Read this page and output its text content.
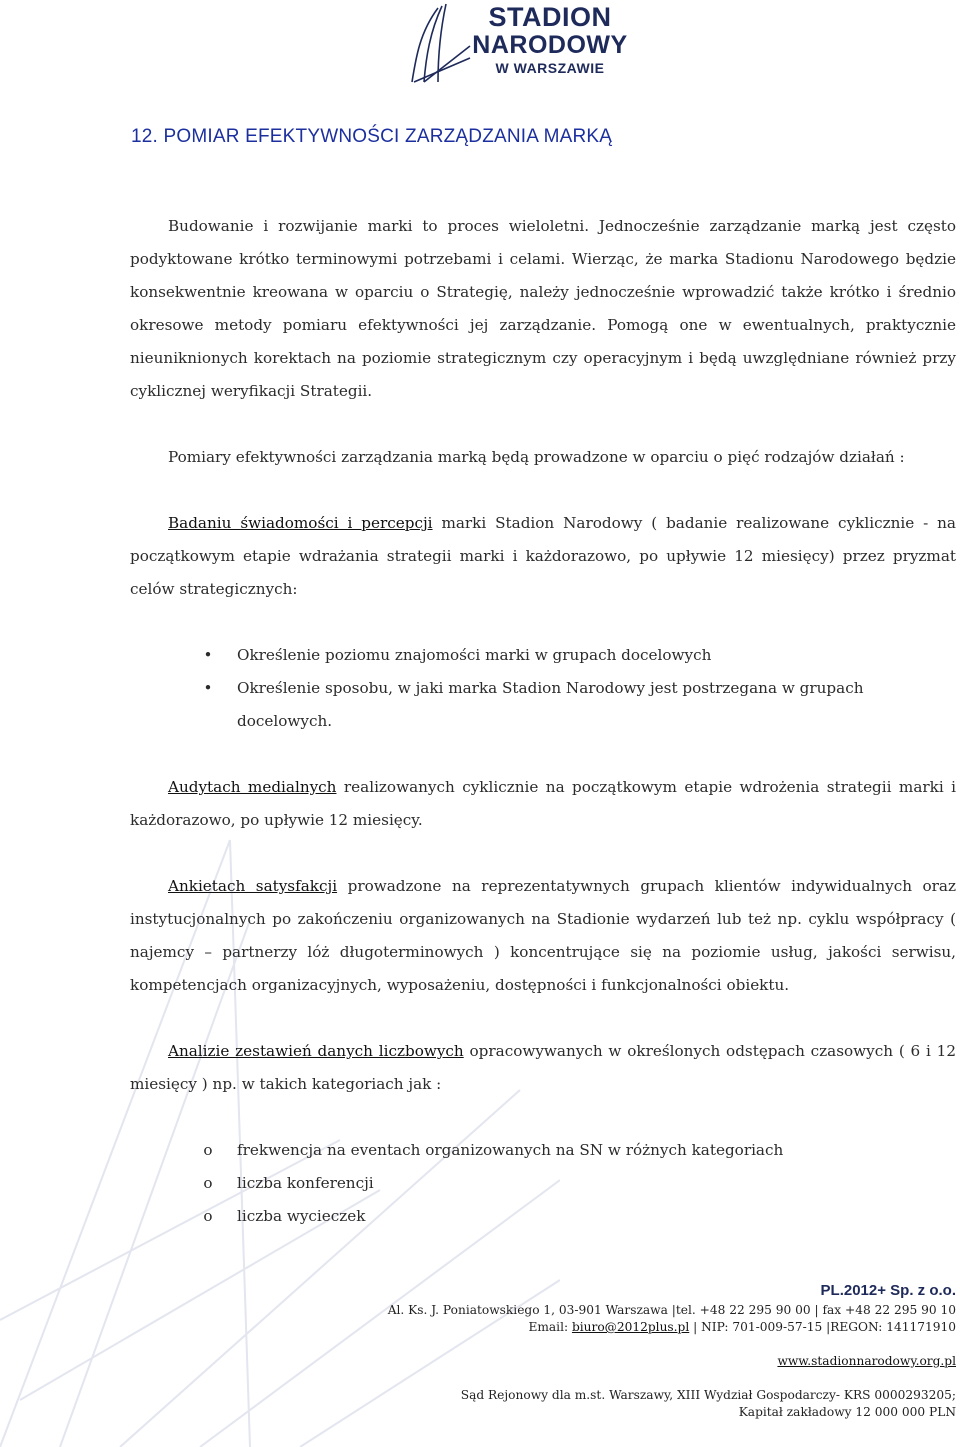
STADION
NARODOWY
W WARSZAWIE
12. POMIAR EFEKTYWNOŚCI ZARZĄDZANIA MARKĄ

Budowanie i rozwijanie marki to proces wieloletni. Jednocześnie zarządzanie marką jest często podyktowane krótko terminowymi potrzebami i celami. Wierząc, że marka Stadionu Narodowego będzie konsekwentnie kreowana w oparciu o Strategię, należy jednocześnie wprowadzić także krótko i średnio okresowe metody pomiaru efektywności jej zarządzanie. Pomogą one w ewentualnych, praktycznie nieuniknionych korektach na poziomie strategicznym czy operacyjnym i będą uwzględniane również przy cyklicznej weryfikacji Strategii.

Pomiary efektywności zarządzania marką będą prowadzone w oparciu o pięć rodzajów działań :

Badaniu świadomości i percepcji marki Stadion Narodowy ( badanie realizowane cyklicznie - na początkowym etapie wdrażania strategii marki i każdorazowo, po upływie 12 miesięcy) przez pryzmat celów strategicznych:

• Określenie poziomu znajomości marki w grupach docelowych
• Określenie sposobu, w jaki marka Stadion Narodowy jest postrzegana w grupach docelowych.

Audytach medialnych realizowanych cyklicznie na początkowym etapie wdrożenia strategii marki i każdorazowo, po upływie 12 miesięcy.

Ankietach satysfakcji prowadzone na reprezentatywnych grupach klientów indywidualnych oraz instytucjonalnych po zakończeniu organizowanych na Stadionie wydarzeń lub też np. cyklu współpracy ( najemcy – partnerzy lóż długoterminowych ) koncentrujące się na poziomie usług, jakości serwisu, kompetencjach organizacyjnych, wyposażeniu, dostępności i funkcjonalności obiektu.

Analizie zestawień danych liczbowych opracowywanych w określonych odstępach czasowych ( 6 i 12 miesięcy ) np. w takich kategoriach jak :

o frekwencja na eventach organizowanych na SN w różnych kategoriach
o liczba konferencji
o liczba wycieczek
PL.2012+ Sp. z o.o.
Al. Ks. J. Poniatowskiego 1, 03-901 Warszawa |tel. +48 22 295 90 00 | fax +48 22 295 90 10
Email: biuro@2012plus.pl | NIP: 701-009-57-15 |REGON: 141171910
www.stadionnarodowy.org.pl
Sąd Rejonowy dla m.st. Warszawy, XIII Wydział Gospodarczy- KRS 0000293205;
Kapitał zakładowy 12 000 000 PLN
